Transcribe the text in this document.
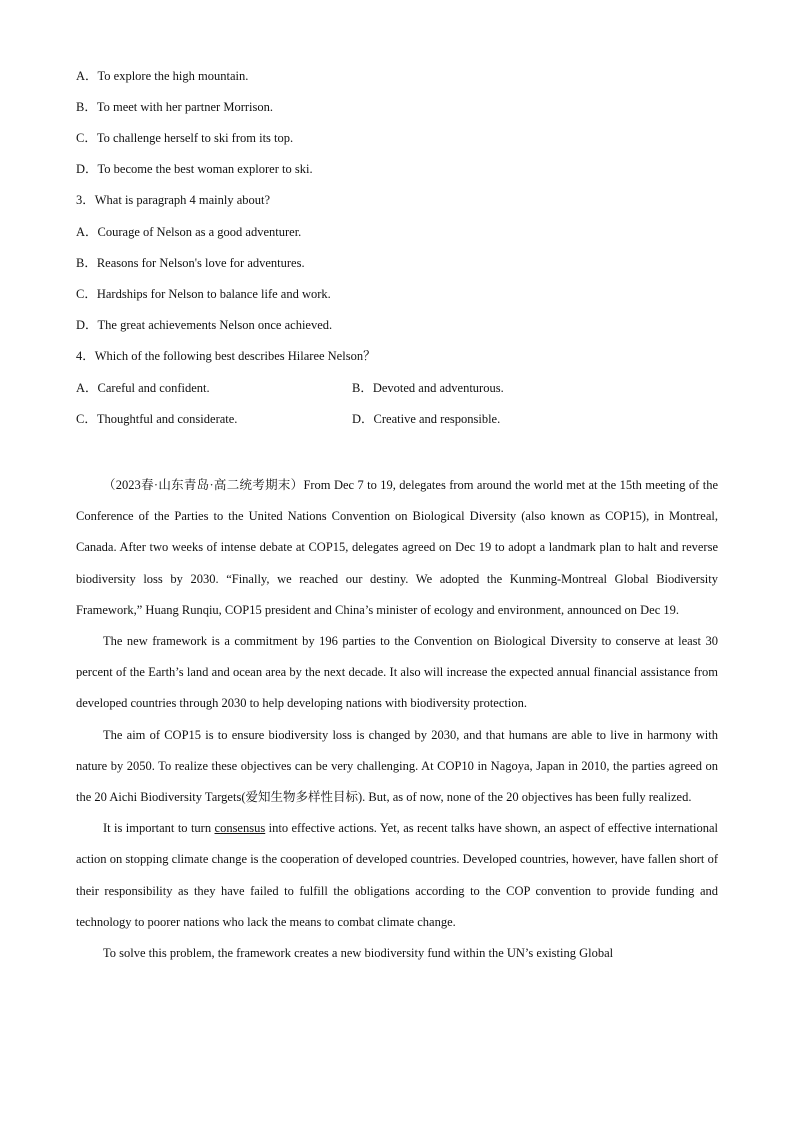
A．To explore the high mountain.
B．To meet with her partner Morrison.
C．To challenge herself to ski from its top.
D．To become the best woman explorer to ski.
3．What is paragraph 4 mainly about?
A．Courage of Nelson as a good adventurer.
B．Reasons for Nelson's love for adventures.
C．Hardships for Nelson to balance life and work.
D．The great achievements Nelson once achieved.
4．Which of the following best describes Hilaree Nelson？
A．Careful and confident.	B．Devoted and adventurous.
C．Thoughtful and considerate.	D．Creative and responsible.

（2023春·山东青岛·高二统考期末）From Dec 7 to 19, delegates from around the world met at the 15th meeting of the Conference of the Parties to the United Nations Convention on Biological Diversity (also known as COP15), in Montreal, Canada. After two weeks of intense debate at COP15, delegates agreed on Dec 19 to adopt a landmark plan to halt and reverse biodiversity loss by 2030. “Finally, we reached our destiny. We adopted the Kunming-Montreal Global Biodiversity Framework,” Huang Runqiu, COP15 president and China’s minister of ecology and environment, announced on Dec 19.

The new framework is a commitment by 196 parties to the Convention on Biological Diversity to conserve at least 30 percent of the Earth’s land and ocean area by the next decade. It also will increase the expected annual financial assistance from developed countries through 2030 to help developing nations with biodiversity protection.

The aim of COP15 is to ensure biodiversity loss is changed by 2030, and that humans are able to live in harmony with nature by 2050. To realize these objectives can be very challenging. At COP10 in Nagoya, Japan in 2010, the parties agreed on the 20 Aichi Biodiversity Targets(爱知生物多样性目标). But, as of now, none of the 20 objectives has been fully realized.

It is important to turn consensus into effective actions. Yet, as recent talks have shown, an aspect of effective international action on stopping climate change is the cooperation of developed countries. Developed countries, however, have fallen short of their responsibility as they have failed to fulfill the obligations according to the COP convention to provide funding and technology to poorer nations who lack the means to combat climate change.

To solve this problem, the framework creates a new biodiversity fund within the UN’s existing Global
